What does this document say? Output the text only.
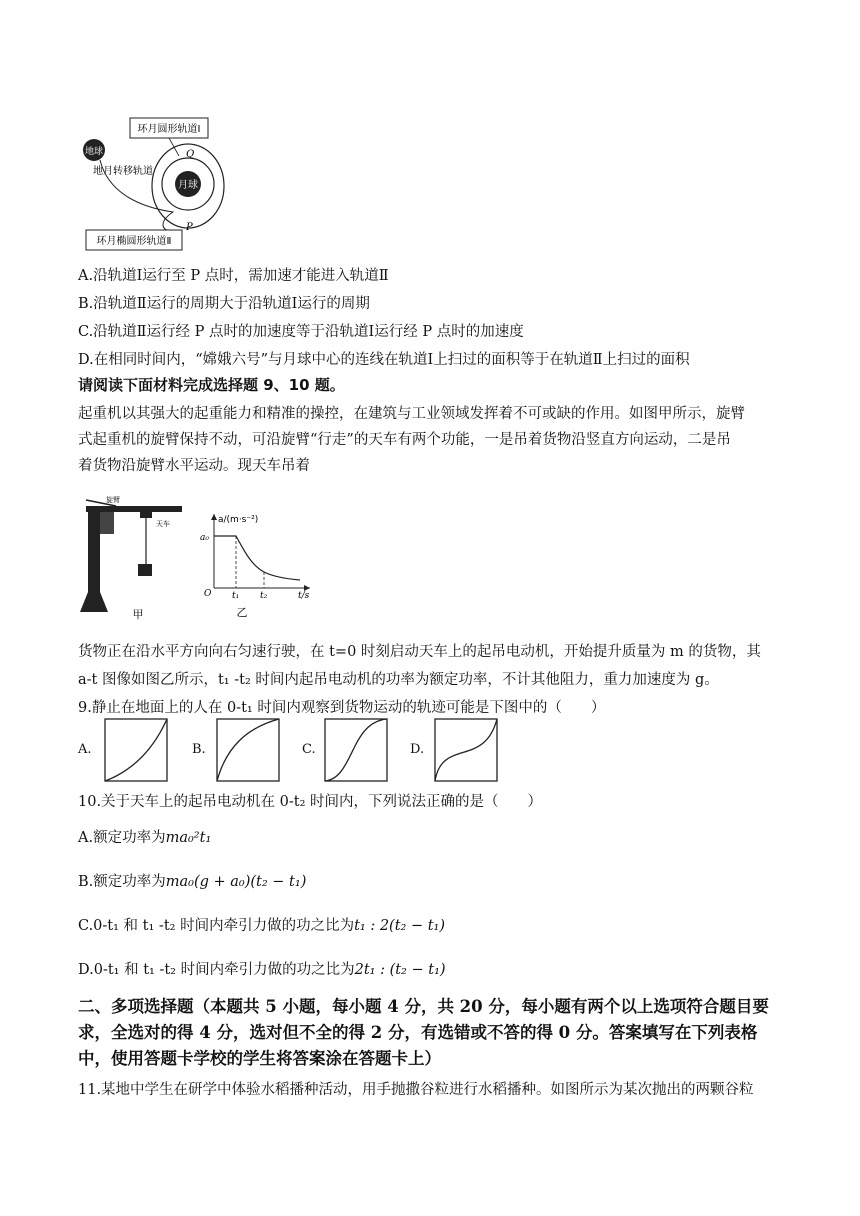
环月圆形轨道Ⅰ
地球
地月转移轨道
月球
Q
P
环月椭圆形轨道Ⅱ
A.沿轨道Ⅰ运行至 P 点时，需加速才能进入轨道Ⅱ
B.沿轨道Ⅱ运行的周期大于沿轨道Ⅰ运行的周期
C.沿轨道Ⅱ运行经 P 点时的加速度等于沿轨道Ⅰ运行经 P 点时的加速度
D.在相同时间内，“嫦娥六号”与月球中心的连线在轨道Ⅰ上扫过的面积等于在轨道Ⅱ上扫过的面积
请阅读下面材料完成选择题 9、10 题。
起重机以其强大的起重能力和精准的操控，在建筑与工业领域发挥着不可或缺的作用。如图甲所示，旋臂
式起重机的旋臂保持不动，可沿旋臂“行走”的天车有两个功能，一是吊着货物沿竖直方向运动，二是吊
着货物沿旋臂水平运动。现天车吊着
旋臂
天车
甲
a/(m·s⁻²)
a₀
O t₁ t₂	t/s
乙
货物正在沿水平方向向右匀速行驶，在 t=0 时刻启动天车上的起吊电动机，开始提升质量为 m 的货物，其
a-t 图像如图乙所示，t₁ -t₂ 时间内起吊电动机的功率为额定功率，不计其他阻力，重力加速度为 g。
9.静止在地面上的人在 0-t₁ 时间内观察到货物运动的轨迹可能是下图中的（　　）
A.	B.	C.	D.
10.关于天车上的起吊电动机在 0-t₂ 时间内，下列说法正确的是（　　）
A.额定功率为ma₀²t₁
B.额定功率为ma₀(g + a₀)(t₂ − t₁)
C.0-t₁ 和 t₁ -t₂ 时间内牵引力做的功之比为t₁ : 2(t₂ − t₁)
D.0-t₁ 和 t₁ -t₂ 时间内牵引力做的功之比为2t₁ : (t₂ − t₁)
二、多项选择题（本题共 5 小题，每小题 4 分，共 20 分，每小题有两个以上选项符合题目要求，全选对的得 4 分，选对但不全的得 2 分，有选错或不答的得 0 分。答案填写在下列表格中，使用答题卡学校的学生将答案涂在答题卡上）
11.某地中学生在研学中体验水稻播种活动，用手抛撒谷粒进行水稻播种。如图所示为某次抛出的两颗谷粒
